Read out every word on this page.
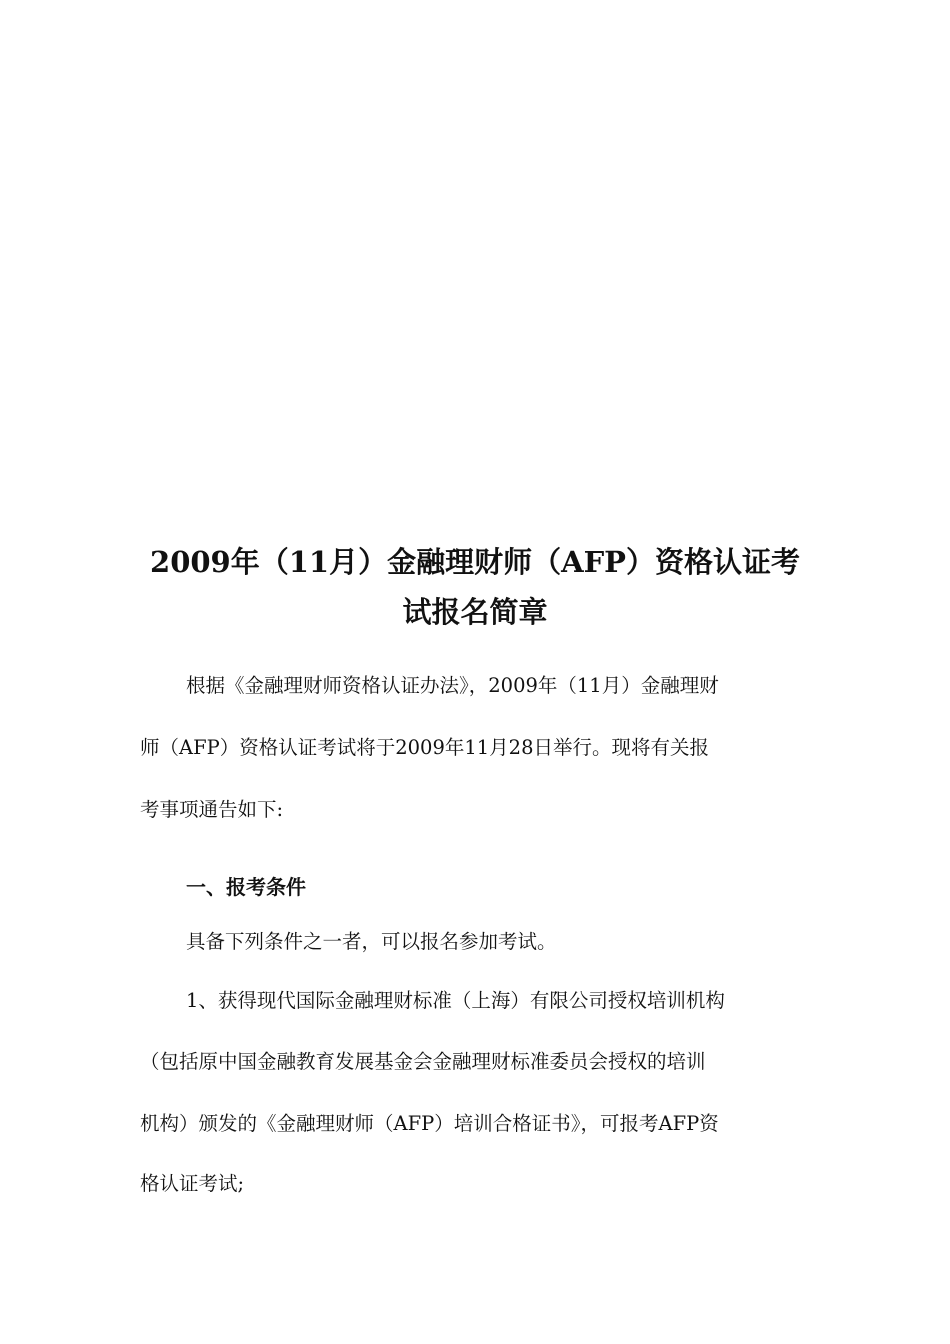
2009年（11月）金融理财师（AFP）资格认证考
试报名简章
根据《金融理财师资格认证办法》，2009年（11月）金融理财
师（AFP）资格认证考试将于2009年11月28日举行。现将有关报
考事项通告如下:
一、报考条件
具备下列条件之一者，可以报名参加考试。
1、获得现代国际金融理财标准（上海）有限公司授权培训机构
（包括原中国金融教育发展基金会金融理财标准委员会授权的培训
机构）颁发的《金融理财师（AFP）培训合格证书》，可报考AFP资
格认证考试;
